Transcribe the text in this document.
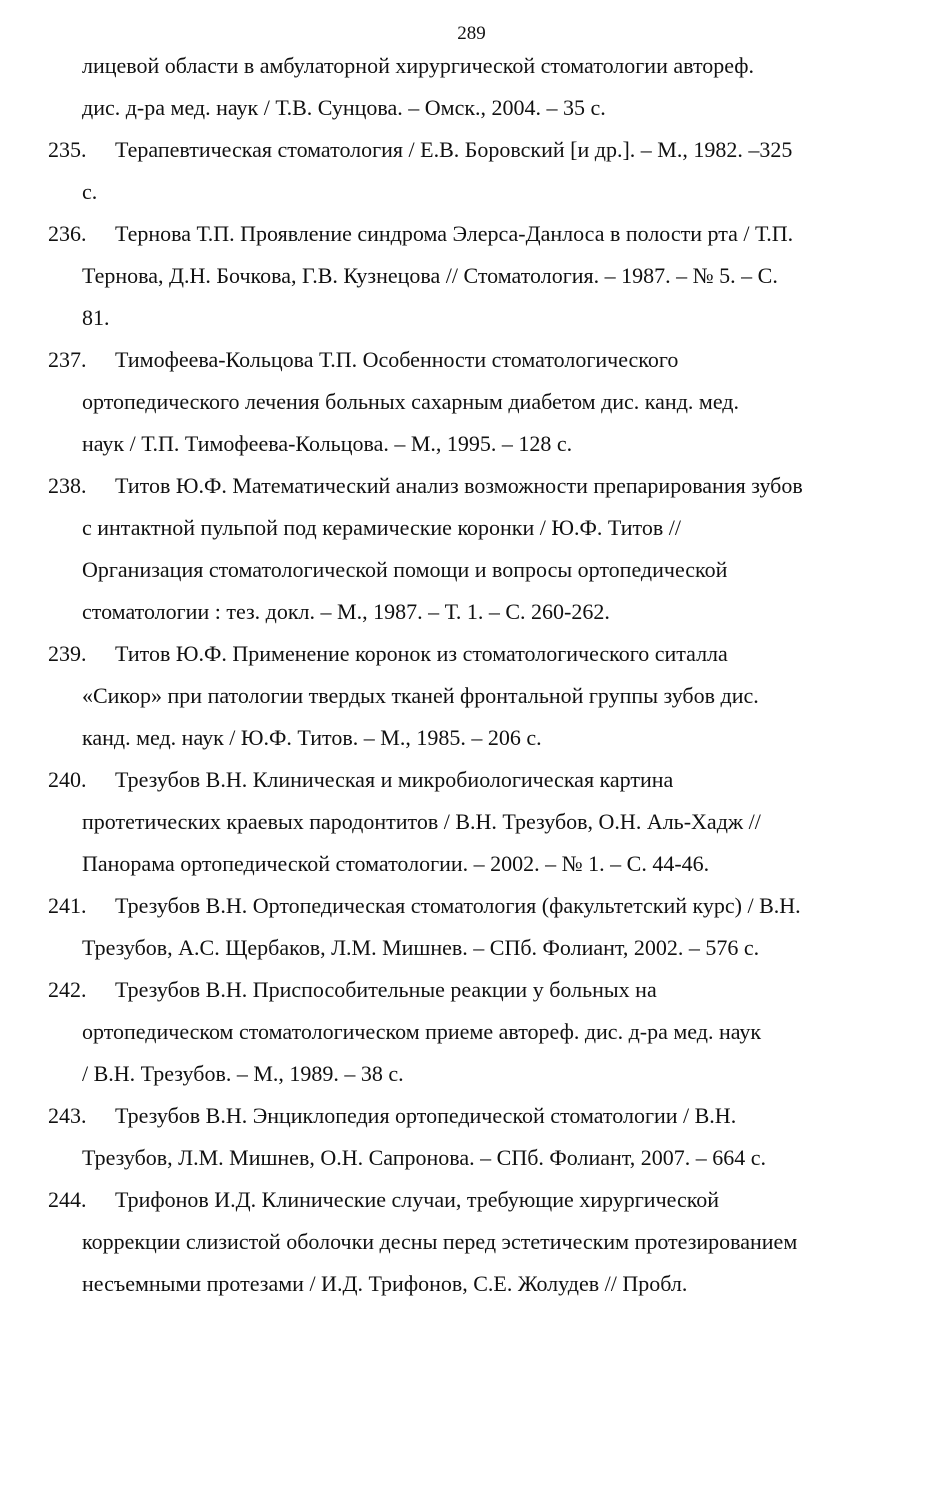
289
лицевой области в амбулаторной хирургической стоматологии автореф.
дис. д-ра мед. наук / Т.В. Сунцова. – Омск., 2004. – 35 с.
235.	Терапевтическая стоматология / Е.В. Боровский [и др.]. – М., 1982. –325
с.
236.	Тернова Т.П. Проявление синдрома Элерса-Данлоса в полости рта / Т.П.
Тернова, Д.Н. Бочкова, Г.В. Кузнецова // Стоматология. – 1987. – № 5. – С.
81.
237.	Тимофеева-Кольцова Т.П. Особенности стоматологического
ортопедического лечения больных сахарным диабетом дис. канд. мед.
наук / Т.П. Тимофеева-Кольцова. – М., 1995. – 128 с.
238.	Титов Ю.Ф. Математический анализ возможности препарирования зубов
с интактной пульпой под керамические коронки / Ю.Ф. Титов //
Организация стоматологической помощи и вопросы ортопедической
стоматологии : тез. докл. – М., 1987. – Т. 1. – С. 260-262.
239.	Титов Ю.Ф. Применение коронок из стоматологического ситалла
«Сикор» при патологии твердых тканей фронтальной группы зубов дис.
канд. мед. наук / Ю.Ф. Титов. – М., 1985. – 206 с.
240.	Трезубов В.Н. Клиническая и микробиологическая картина
протетических краевых пародонтитов / В.Н. Трезубов, О.Н. Аль-Хадж //
Панорама ортопедической стоматологии. – 2002. – № 1. – С. 44-46.
241.	Трезубов В.Н. Ортопедическая стоматология (факультетский курс) / В.Н.
Трезубов, А.С. Щербаков, Л.М. Мишнев. – СПб. Фолиант, 2002. – 576 с.
242.	Трезубов В.Н. Приспособительные реакции у больных на
ортопедическом стоматологическом приеме автореф. дис. д-ра мед. наук
/ В.Н. Трезубов. – М., 1989. – 38 с.
243.	Трезубов В.Н. Энциклопедия ортопедической стоматологии / В.Н.
Трезубов, Л.М. Мишнев, О.Н. Сапронова. – СПб. Фолиант, 2007. – 664 с.
244.	Трифонов И.Д. Клинические случаи, требующие хирургической
коррекции слизистой оболочки десны перед эстетическим протезированием
несъемными протезами / И.Д. Трифонов, С.Е. Жолудев // Пробл.
